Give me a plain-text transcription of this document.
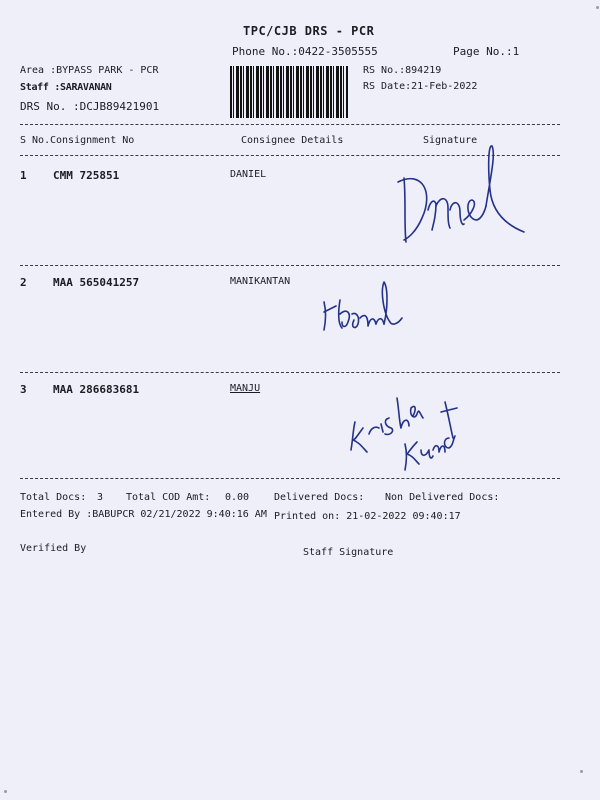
TPC/CJB DRS - PCR
Phone No.:0422-3505555	Page No.:1
Area :BYPASS PARK - PCR
Staff :SARAVANAN
DRS No. :DCJB89421901
RS No.:894219
RS Date:21-Feb-2022
S No. Consignment No	Consignee Details	Signature
1 CMM 725851	DANIEL
2 MAA 565041257	MANIKANTAN
3 MAA 286683681	MANJU
Total Docs: 3 Total COD Amt: 0.00 Delivered Docs: Non Delivered Docs:
Entered By :BABUPCR 02/21/2022 9:40:16 AM Printed on: 21-02-2022 09:40:17
Verified By	Staff Signature
